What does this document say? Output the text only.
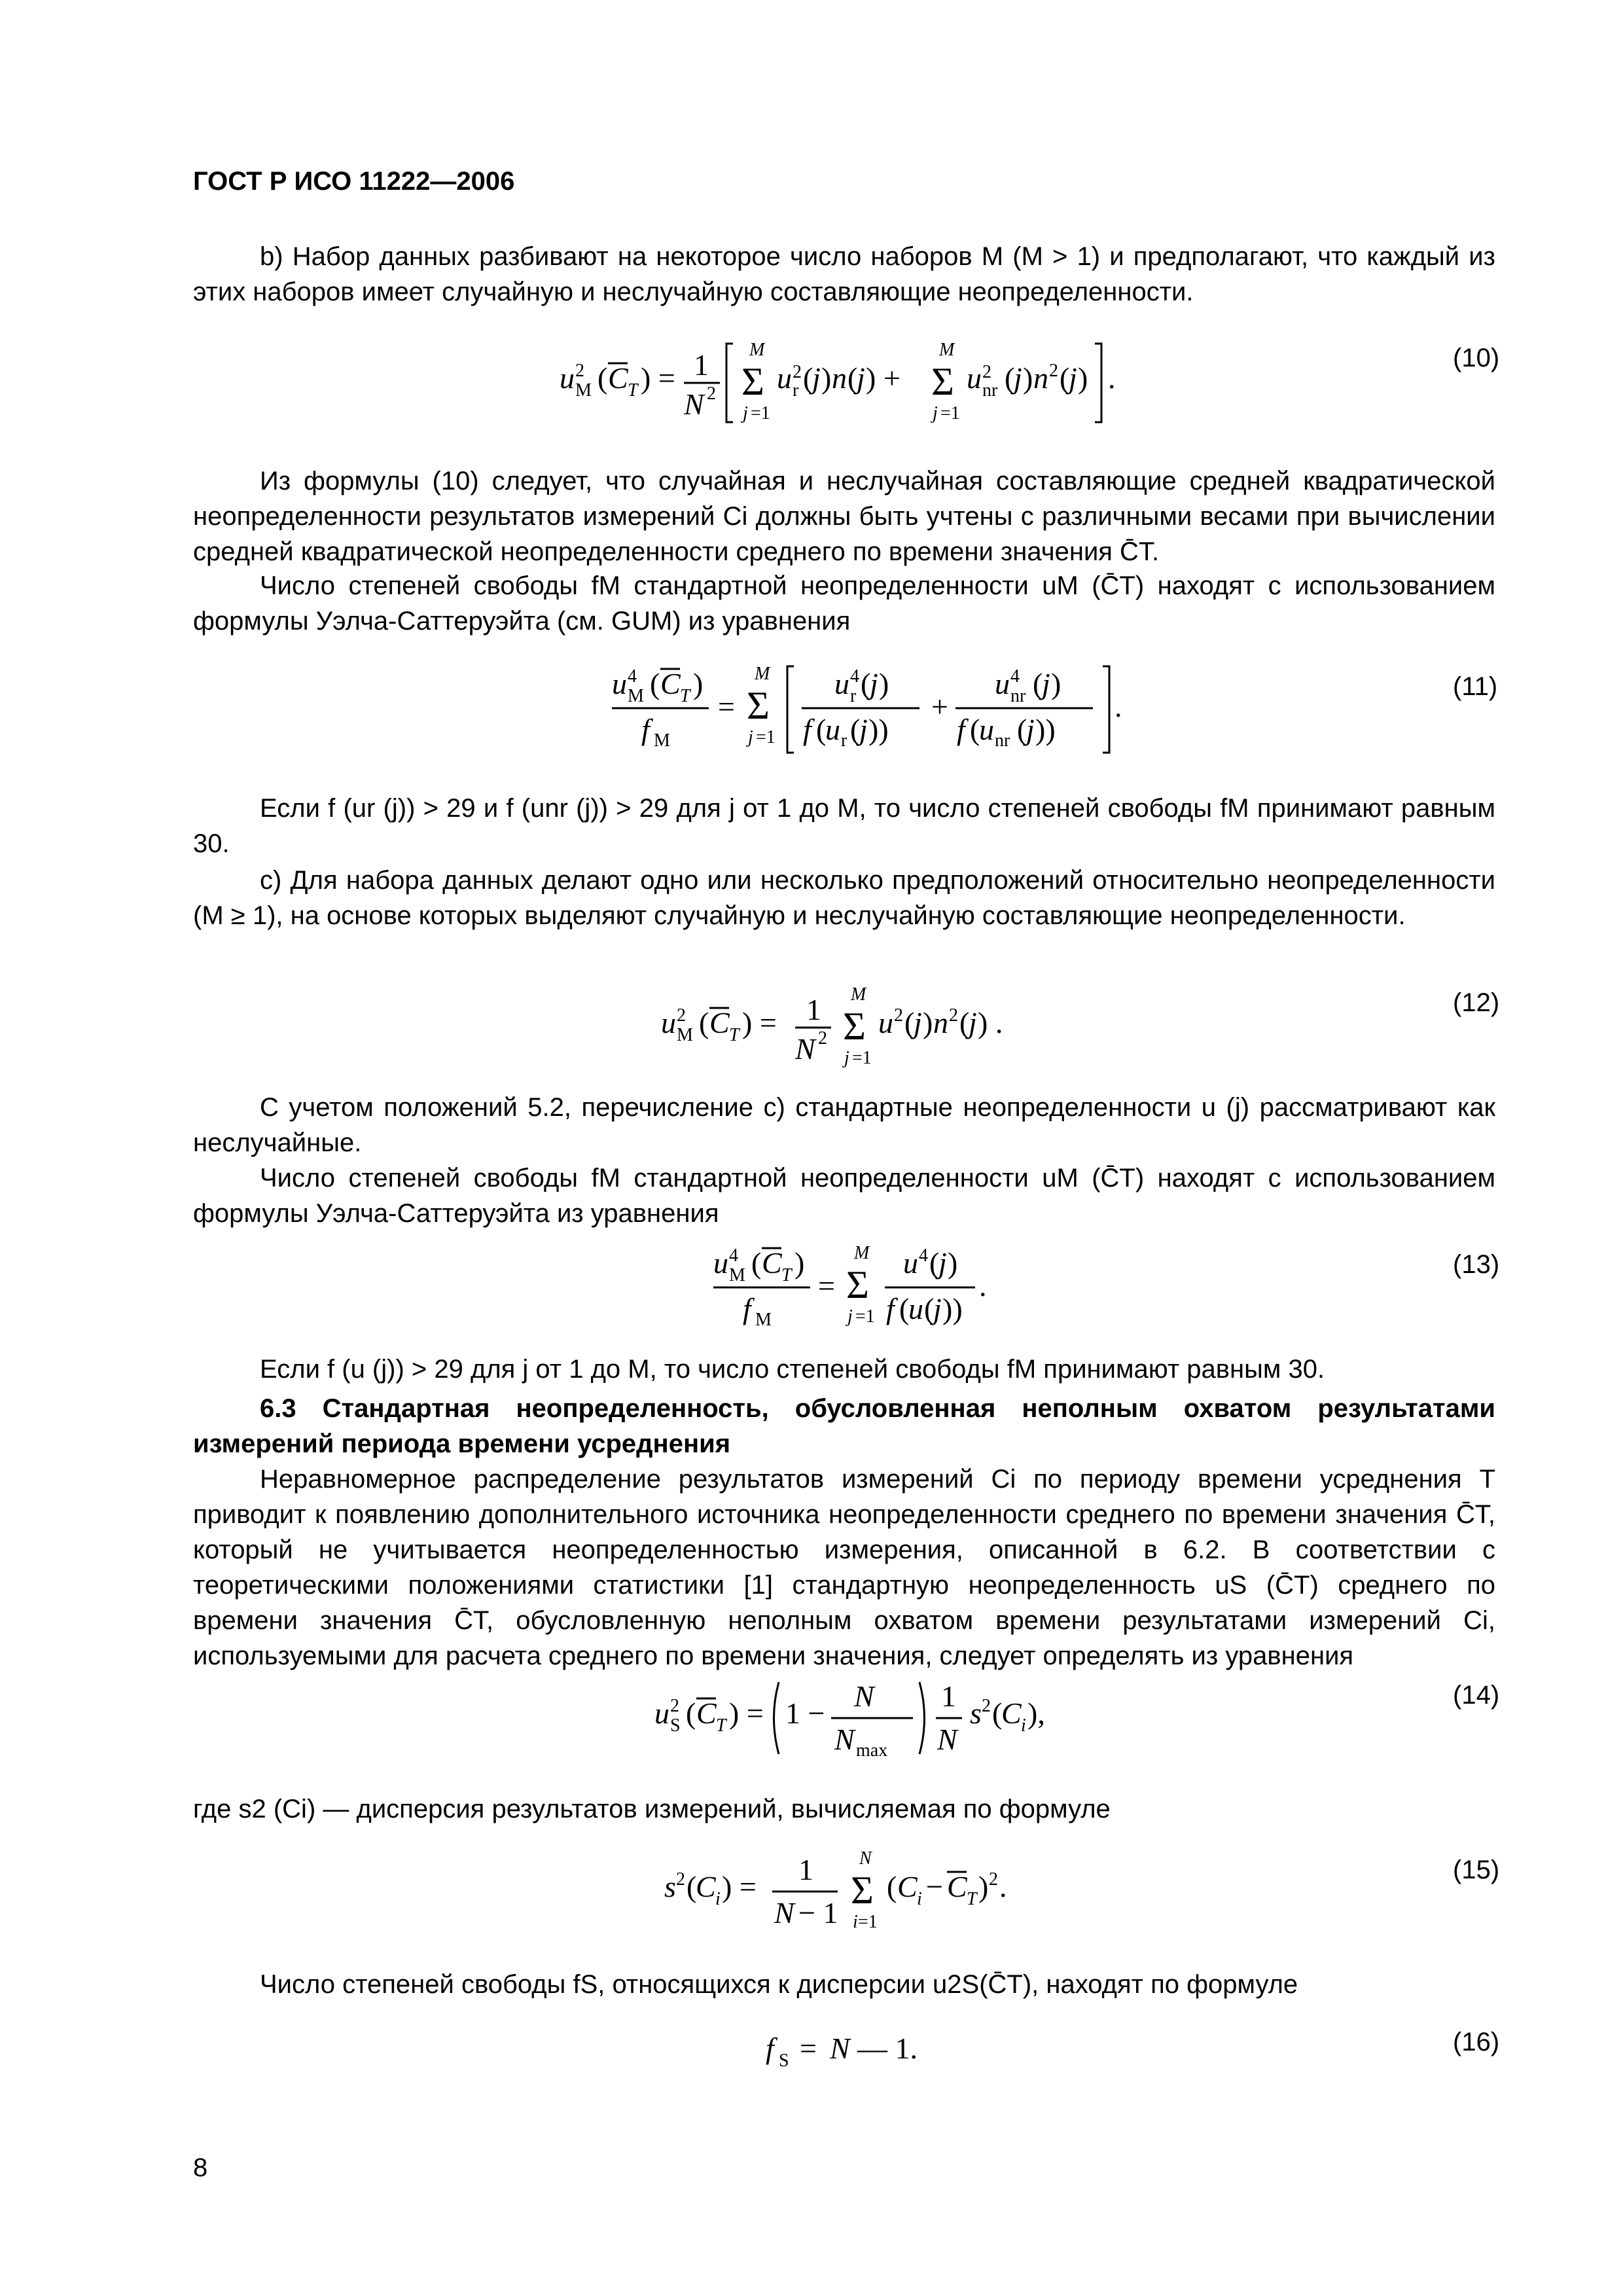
ГОСТ Р ИСО 11222—2006
b) Набор данных разбивают на некоторое число наборов M (M > 1) и предполагают, что каждый из этих наборов имеет случайную и неслучайную составляющие неопределенности.
u 2
M ( C T ) = 1
N 2
M
Σ
j =1
u 2
r (
j ) n (
j ) +
M
Σ
j =1
u 2
nr (
j ) n 2 (
j ) .
(10)
Из формулы (10) следует, что случайная и неслучайная составляющие средней квадратической неопределенности результатов измерений Ci должны быть учтены с различными весами при вычислении средней квадратической неопределенности среднего по времени значения C̄T.
Число степеней свободы fM стандартной неопределенности uM (C̄T) находят с использованием формулы Уэлча-Саттеруэйта (см. GUM) из уравнения
u 4
M ( C T )
f M
=
M
Σ
j =1
u 4
r (
j )
f (
u r (
j ))
+
u 4
nr (
j )
f (
u nr (
j ))
.
(11)
Если f (ur (j)) > 29 и f (unr (j)) > 29 для j от 1 до M, то число степеней свободы fM принимают равным 30.
c) Для набора данных делают одно или несколько предположений относительно неопределенности (M ≥ 1), на основе которых выделяют случайную и неслучайную составляющие неопределенности.
u 2
M ( C T ) = 1
N 2
M
Σ
j =1
u 2 (
j ) n 2 (
j ) .
(12)
С учетом положений 5.2, перечисление c) стандартные неопределенности u (j) рассматривают как неслучайные.
Число степеней свободы fM стандартной неопределенности uM (C̄T) находят с использованием формулы Уэлча-Саттеруэйта из уравнения
u 4
M ( C T )
f M
=
M
Σ
j =1
u 4 (
j )
f (
u (
j ))
.
(13)
Если f (u (j)) > 29 для j от 1 до M, то число степеней свободы fM принимают равным 30.
6.3 Стандартная неопределенность, обусловленная неполным охватом результатами измерений периода времени усреднения
Неравномерное распределение результатов измерений Ci по периоду времени усреднения T приводит к появлению дополнительного источника неопределенности среднего по времени значения C̄T, который не учитывается неопределенностью измерения, описанной в 6.2. В соответствии с теоретическими положениями статистики [1] стандартную неопределенность uS (C̄T) среднего по времени значения C̄T, обусловленную неполным охватом времени результатами измерений Ci, используемыми для расчета среднего по времени значения, следует определять из уравнения
u 2
S ( C T ) = 1 −
N
N max
1
N
s 2 (
C i ),
(14)
где s2 (Ci) — дисперсия результатов измерений, вычисляемая по формуле
s 2 (
C i ) =
1
N − 1
N
Σ
i =1
( C i − C T ) 2 .	(15)
Число степеней свободы fS, относящихся к дисперсии u2S(C̄T), находят по формуле
f S = N — 1.	(16)
8
